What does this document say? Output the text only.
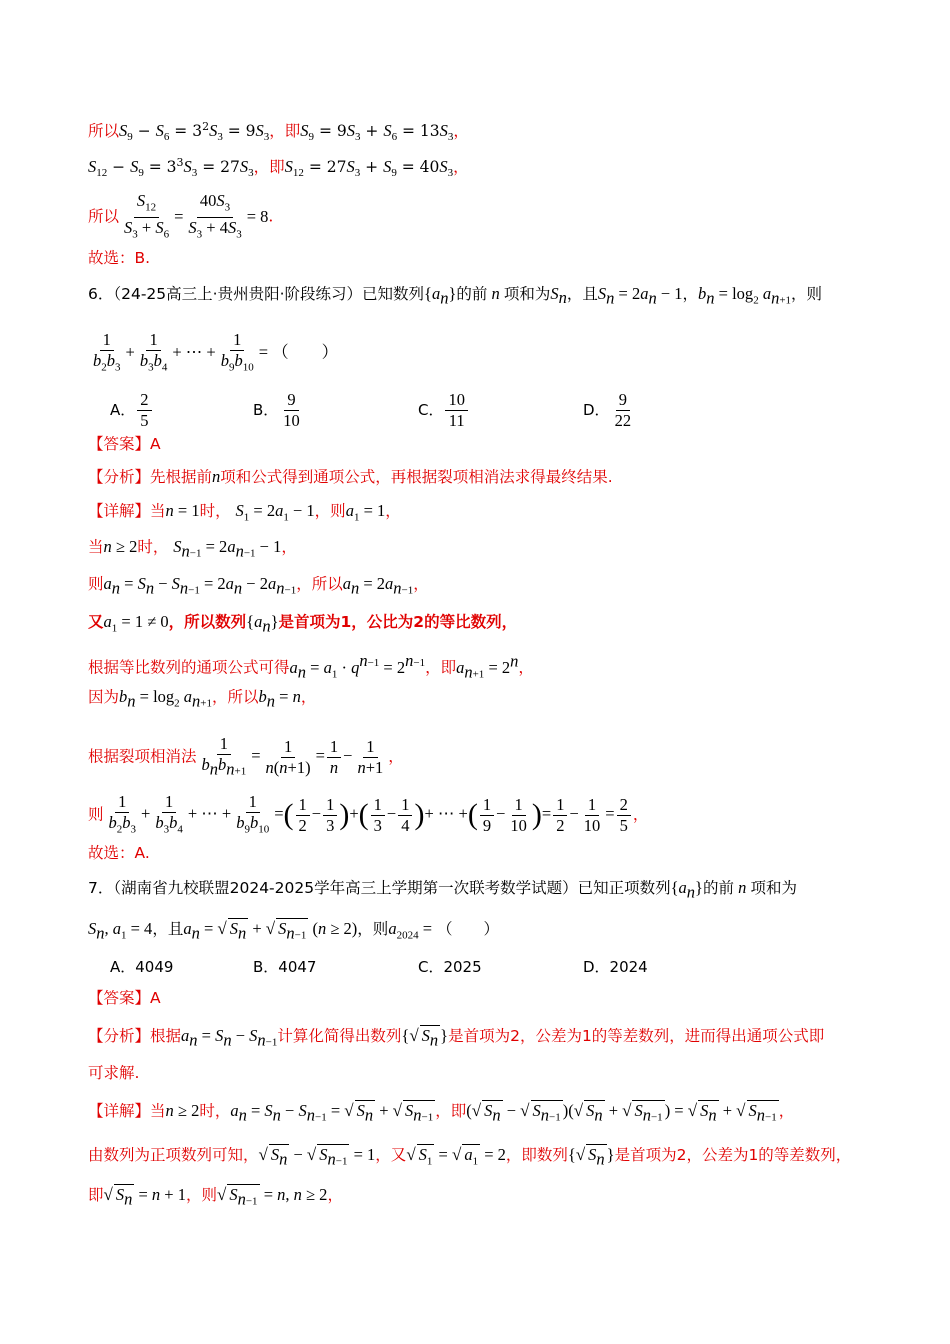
所以$S_9 - S_6 = 3^2S_3 = 9S_3$，即$S_9 = 9S_3 + S_6 = 13S_3$，
$S_{12} - S_9 = 3^3S_3 = 27S_3$，即$S_{12} = 27S_3 + S_9 = 40S_3$，
所以 $\frac{S_{12}}{S_3 + S_6} = \frac{40S_3}{S_3 + 4S_3} = 8$.
故选：B.
6．（24-25高三上·贵州贵阳·阶段练习）已知数列$\{a_n\}$的前 n 项和为$S_n$，且$S_n = 2a_n - 1$，$b_n = \log_2 a_{n+1}$，则
$\frac{1}{b_2b_3} + \frac{1}{b_3b_4}$ + ⋯ + $\frac{1}{b_9b_{10}}$ = （　　）
A． $\frac{2}{5}$	B． $\frac{9}{10}$	C． $\frac{10}{11}$	D． $\frac{9}{22}$
【答案】A
【分析】先根据前n项和公式得到通项公式，再根据裂项相消法求得最终结果.
【详解】当n = 1时， $S_1 = 2a_1 - 1$，则$a_1 = 1$，
当n ≥ 2时， $S_{n-1} = 2a_{n-1} - 1$，
则$a_n = S_n - S_{n-1} = 2a_n - 2a_{n-1}$，所以$a_n = 2a_{n-1}$，
又$a_1 = 1 \ne 0$，所以数列$\{a_n\}$是首项为1，公比为2的等比数列，
根据等比数列的通项公式可得$a_n = a_1 \cdot q^{n-1} = 2^{n-1}$，即$a_{n+1} = 2^n$，
因为$b_n = \log_2 a_{n+1}$，所以$b_n = n$，
根据裂项相消法 $\frac{1}{b_nb_{n+1}} = \frac{1}{n(n+1)} = \frac{1}{n} - \frac{1}{n+1}$ ，
则 $\frac{1}{b_2b_3} + \frac{1}{b_3b_4}$ + ⋯ + $\frac{1}{b_9b_{10}}$ =( $\frac{1}{2} - \frac{1}{3}$ )+( $\frac{1}{3} - \frac{1}{4}$ )+ ⋯ +( $\frac{1}{9} - \frac{1}{10}$ )= $\frac{1}{2} - \frac{1}{10} = \frac{2}{5}$ ，
故选：A.
7．（湖南省九校联盟2024-2025学年高三上学期第一次联考数学试题）已知正项数列$\{a_n\}$的前 n 项和为
$S_n$, $a_1 = 4$，且$a_n$ = √ $S_n$ + √ $S_{n-1}$ (n ≥ 2)，则$a_{2024}$ = （　　）
A．4049	B．4047	C．2025	D．2024
【答案】A
【分析】根据$a_n = S_n - S_{n-1}$计算化简得出数列{√ $S_n$ }是首项为2，公差为1的等差数列，进而得出通项公式即
可求解.
【详解】当n ≥ 2时，$a_n = S_n - S_{n-1}$ = √ $S_n$ + √ $S_{n-1}$ ，即(√ $S_n$ − √ $S_{n-1}$ )(√ $S_n$ + √ $S_{n-1}$ ) = √ $S_n$ + √ $S_{n-1}$ ，
由数列为正项数列可知，√ $S_n$ − √ $S_{n-1} = 1$，又√ $S_1$ = √ $a_1 = 2$，即数列{√ $S_n$ }是首项为2，公差为1的等差数列，
即√ $S_n = n + 1$，则√ $S_{n-1} = n$, n ≥ 2，
